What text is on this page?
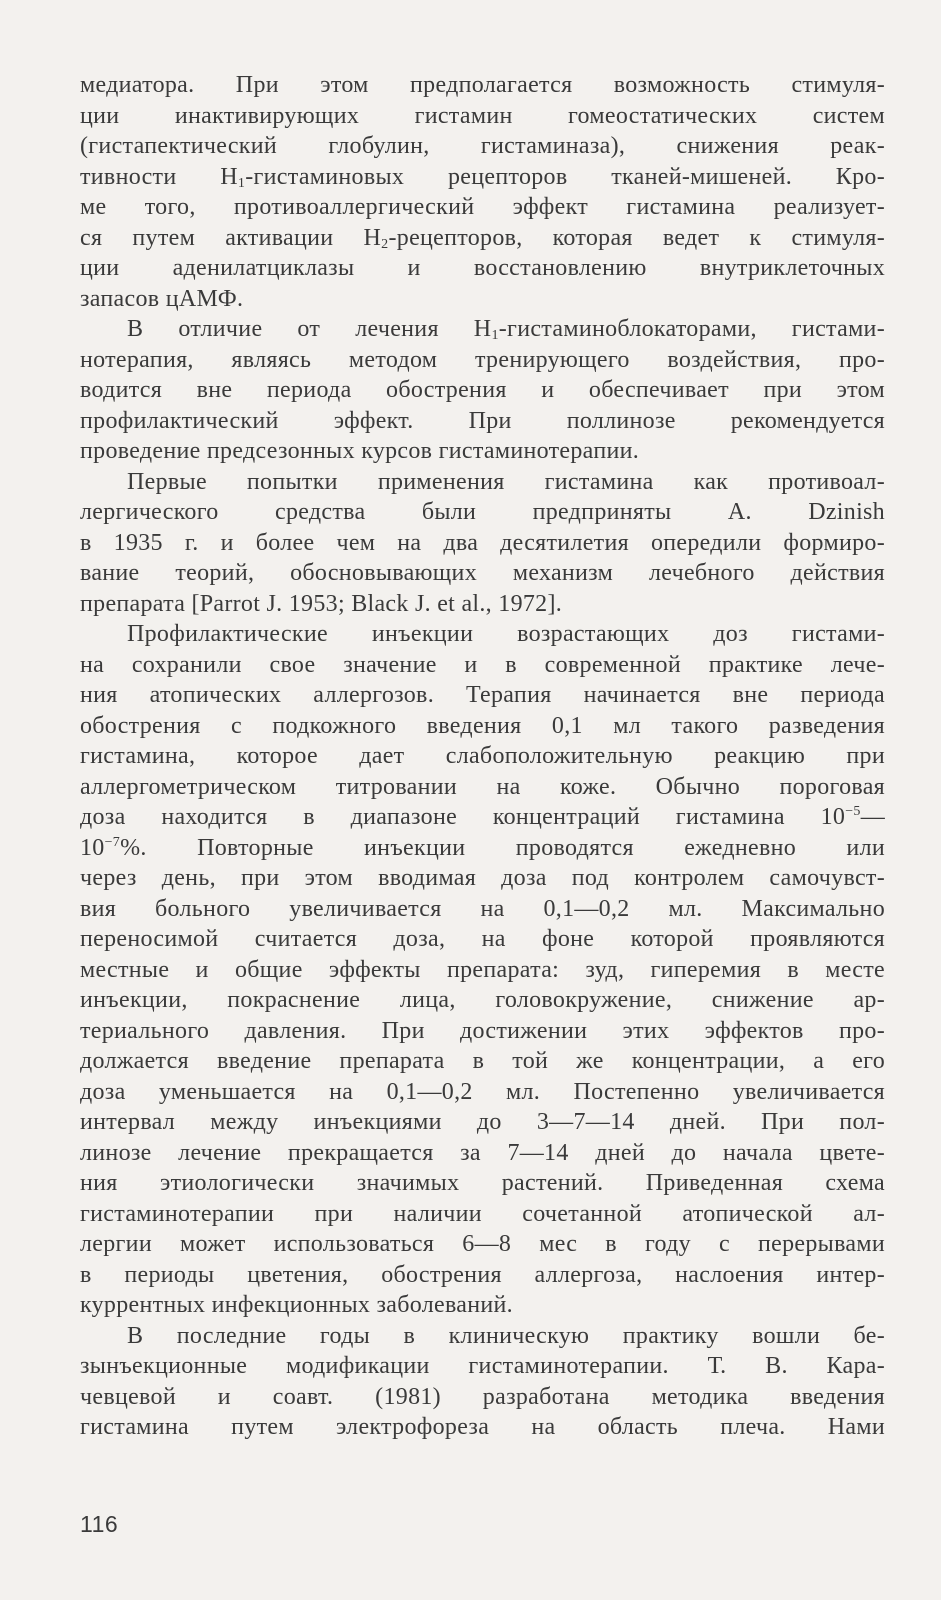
медиатора. При этом предполагается возможность стимуля-
ции инактивирующих гистамин гомеостатических систем
(гистапектический глобулин, гистаминаза), снижения реак-
тивности $Н_1$-гистаминовых рецепторов тканей-мишеней. Кро-
ме того, противоаллергический эффект гистамина реализует-
ся путем активации $Н_2$-рецепторов, которая ведет к стимуля-
ции аденилатциклазы и восстановлению внутриклеточных
запасов цАМФ.
В отличие от лечения $Н_1$-гистаминоблокаторами, гистами-
нотерапия, являясь методом тренирующего воздействия, про-
водится вне периода обострения и обеспечивает при этом
профилактический эффект. При поллинозе рекомендуется
проведение предсезонных курсов гистаминотерапии.
Первые попытки применения гистамина как противоал-
лергического средства были предприняты A. Dzinish
в 1935 г. и более чем на два десятилетия опередили формиро-
вание теорий, обосновывающих механизм лечебного действия
препарата [Parrot J. 1953; Black J. et al., 1972].
Профилактические инъекции возрастающих доз гистами-
на сохранили свое значение и в современной практике лече-
ния атопических аллергозов. Терапия начинается вне периода
обострения с подкожного введения 0,1 мл такого разведения
гистамина, которое дает слабоположительную реакцию при
аллергометрическом титровании на коже. Обычно пороговая
доза находится в диапазоне концентраций гистамина $10^{-5}—$
$10^{-7}\%$. Повторные инъекции проводятся ежедневно или
через день, при этом вводимая доза под контролем самочувст-
вия больного увеличивается на 0,1—0,2 мл. Максимально
переносимой считается доза, на фоне которой проявляются
местные и общие эффекты препарата: зуд, гиперемия в месте
инъекции, покраснение лица, головокружение, снижение ар-
териального давления. При достижении этих эффектов про-
должается введение препарата в той же концентрации, а его
доза уменьшается на 0,1—0,2 мл. Постепенно увеличивается
интервал между инъекциями до 3—7—14 дней. При пол-
линозе лечение прекращается за 7—14 дней до начала цвете-
ния этиологически значимых растений. Приведенная схема
гистаминотерапии при наличии сочетанной атопической ал-
лергии может использоваться 6—8 мес в году с перерывами
в периоды цветения, обострения аллергоза, наслоения интер-
куррентных инфекционных заболеваний.
В последние годы в клиническую практику вошли бе-
зынъекционные модификации гистаминотерапии. Т. В. Кара-
чевцевой и соавт. (1981) разработана методика введения
гистамина путем электрофореза на область плеча. Нами
116
